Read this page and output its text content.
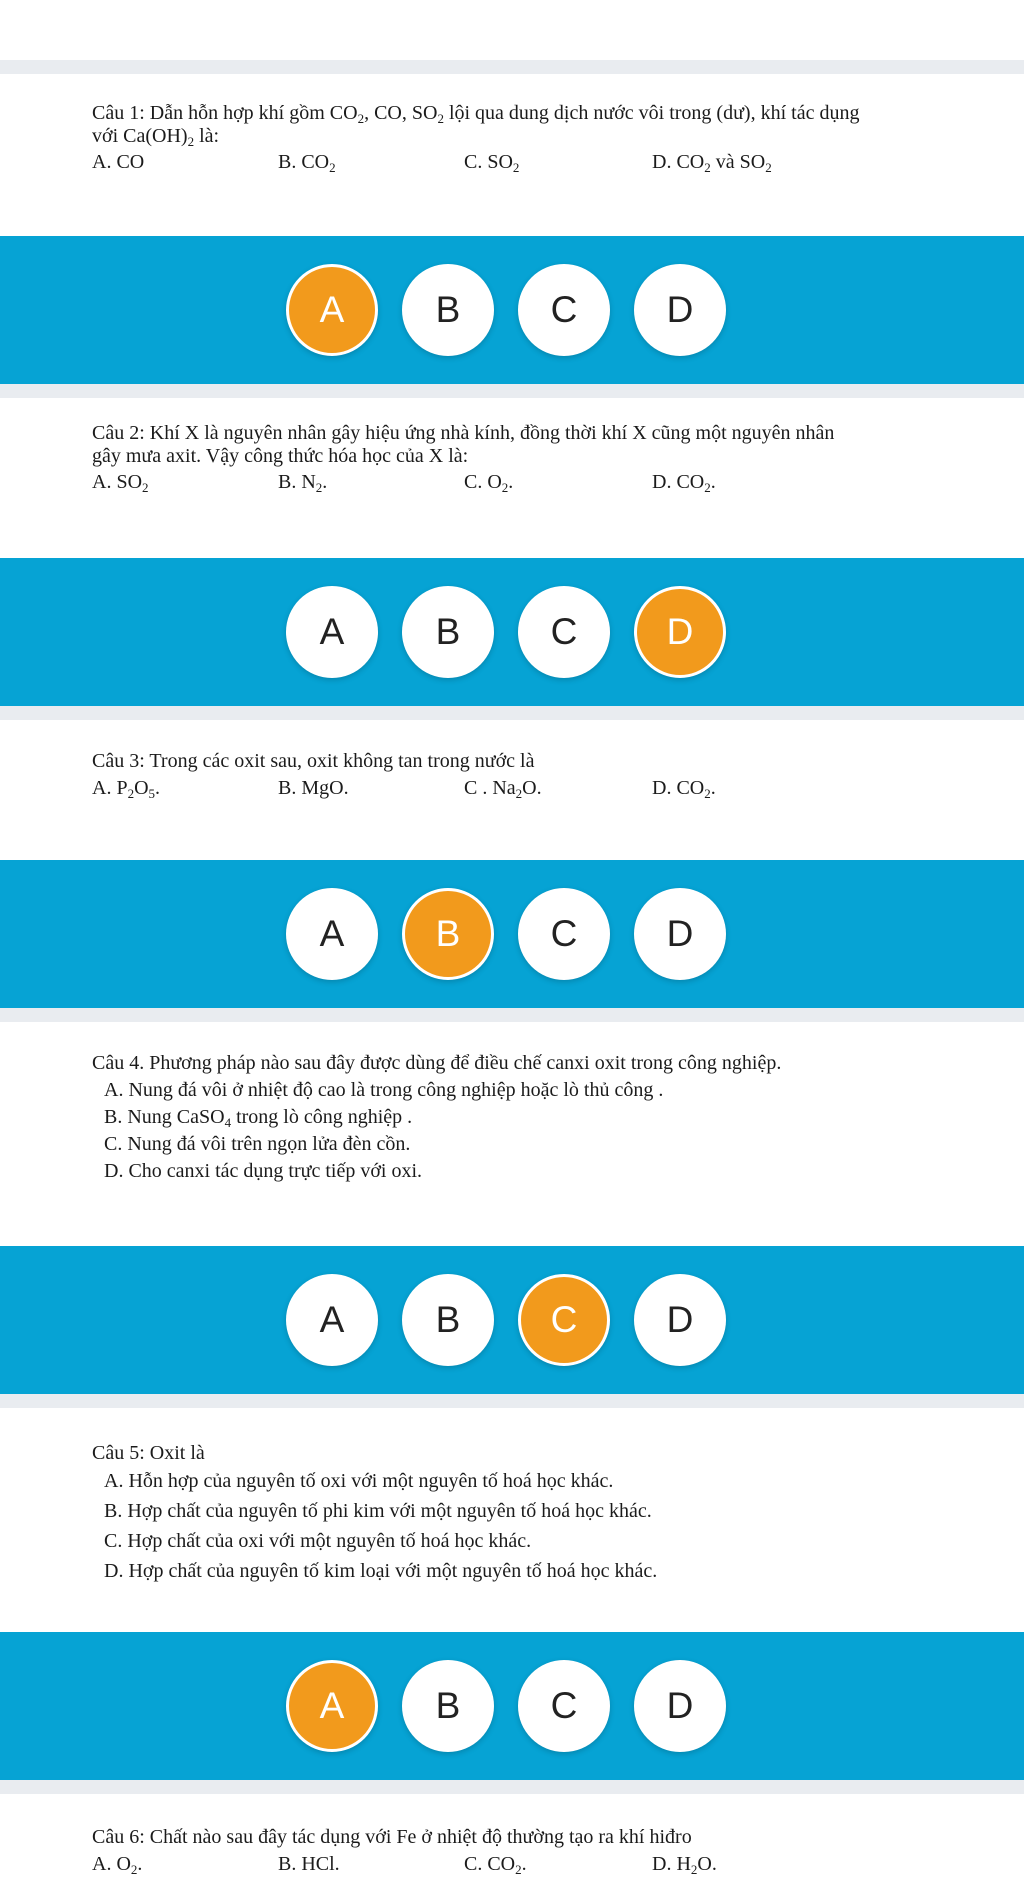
Câu 1: Dẫn hỗn hợp khí gồm $CO_2$, CO, $SO_2$ lội qua dung dịch nước vôi trong (dư), khí tác dụng
với $Ca(OH)_2$ là:
A. CO	B. $CO_2$	C. $SO_2$	D. $CO_2$ và $SO_2$
A	B	C	D
Câu 2: Khí X là nguyên nhân gây hiệu ứng nhà kính, đồng thời khí X cũng một nguyên nhân
gây mưa axit. Vậy công thức hóa học của X là:
A. $SO_2$	B. $N_2$.	C. $O_2$.	D. $CO_2$.
A	B	C	D
Câu 3: Trong các oxit sau, oxit không tan trong nước là
A. $P_2O_5$.	B. MgO.	C . $Na_2O$.	D. $CO_2$.
A	B	C	D
Câu 4. Phương pháp nào sau đây được dùng để điều chế canxi oxit trong công nghiệp.
A. Nung đá vôi ở nhiệt độ cao là trong công nghiệp hoặc lò thủ công .
B. Nung CaSO$_4$ trong lò công nghiệp .
C. Nung đá vôi trên ngọn lửa đèn cồn.
D. Cho canxi tác dụng trực tiếp với oxi.
A	B	C	D
Câu 5: Oxit là
A. Hỗn hợp của nguyên tố oxi với một nguyên tố hoá học khác.
B. Hợp chất của nguyên tố phi kim với một nguyên tố hoá học khác.
C. Hợp chất của oxi với một nguyên tố hoá học khác.
D. Hợp chất của nguyên tố kim loại với một nguyên tố hoá học khác.
A	B	C	D
Câu 6: Chất nào sau đây tác dụng với Fe ở nhiệt độ thường tạo ra khí hiđro
A. $O_2$.	B. HCl.	C. $CO_2$.	D. $H_2O$.
